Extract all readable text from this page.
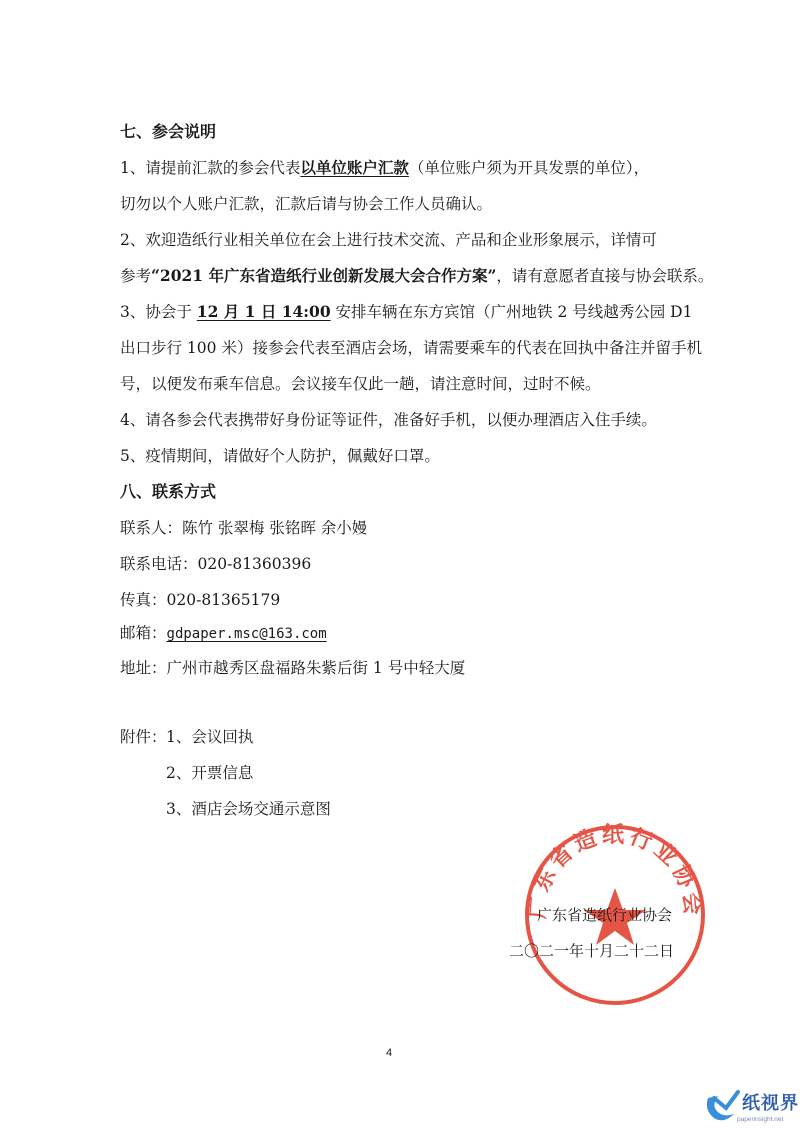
七、参会说明
1、请提前汇款的参会代表以单位账户汇款（单位账户须为开具发票的单位），
切勿以个人账户汇款，汇款后请与协会工作人员确认。
2、欢迎造纸行业相关单位在会上进行技术交流、产品和企业形象展示，详情可
参考“2021 年广东省造纸行业创新发展大会合作方案”，请有意愿者直接与协会联系。
3、协会于 12 月 1 日 14:00 安排车辆在东方宾馆（广州地铁 2 号线越秀公园 D1
出口步行 100 米）接参会代表至酒店会场，请需要乘车的代表在回执中备注并留手机
号，以便发布乘车信息。会议接车仅此一趟，请注意时间，过时不候。
4、请各参会代表携带好身份证等证件，准备好手机，以便办理酒店入住手续。
5、疫情期间，请做好个人防护，佩戴好口罩。
八、联系方式
联系人：陈竹 张翠梅 张铭晖 余小嫚
联系电话：020-81360396
传真：020-81365179
邮箱：gdpaper.msc@163.com
地址：广州市越秀区盘福路朱紫后街 1 号中轻大厦
附件： 1、会议回执
2、开票信息
3、酒店会场交通示意图
广东省造纸行业协会
广东省造纸行业协会
二〇二一年十月二十二日
4
纸视界
paperinsight.net
